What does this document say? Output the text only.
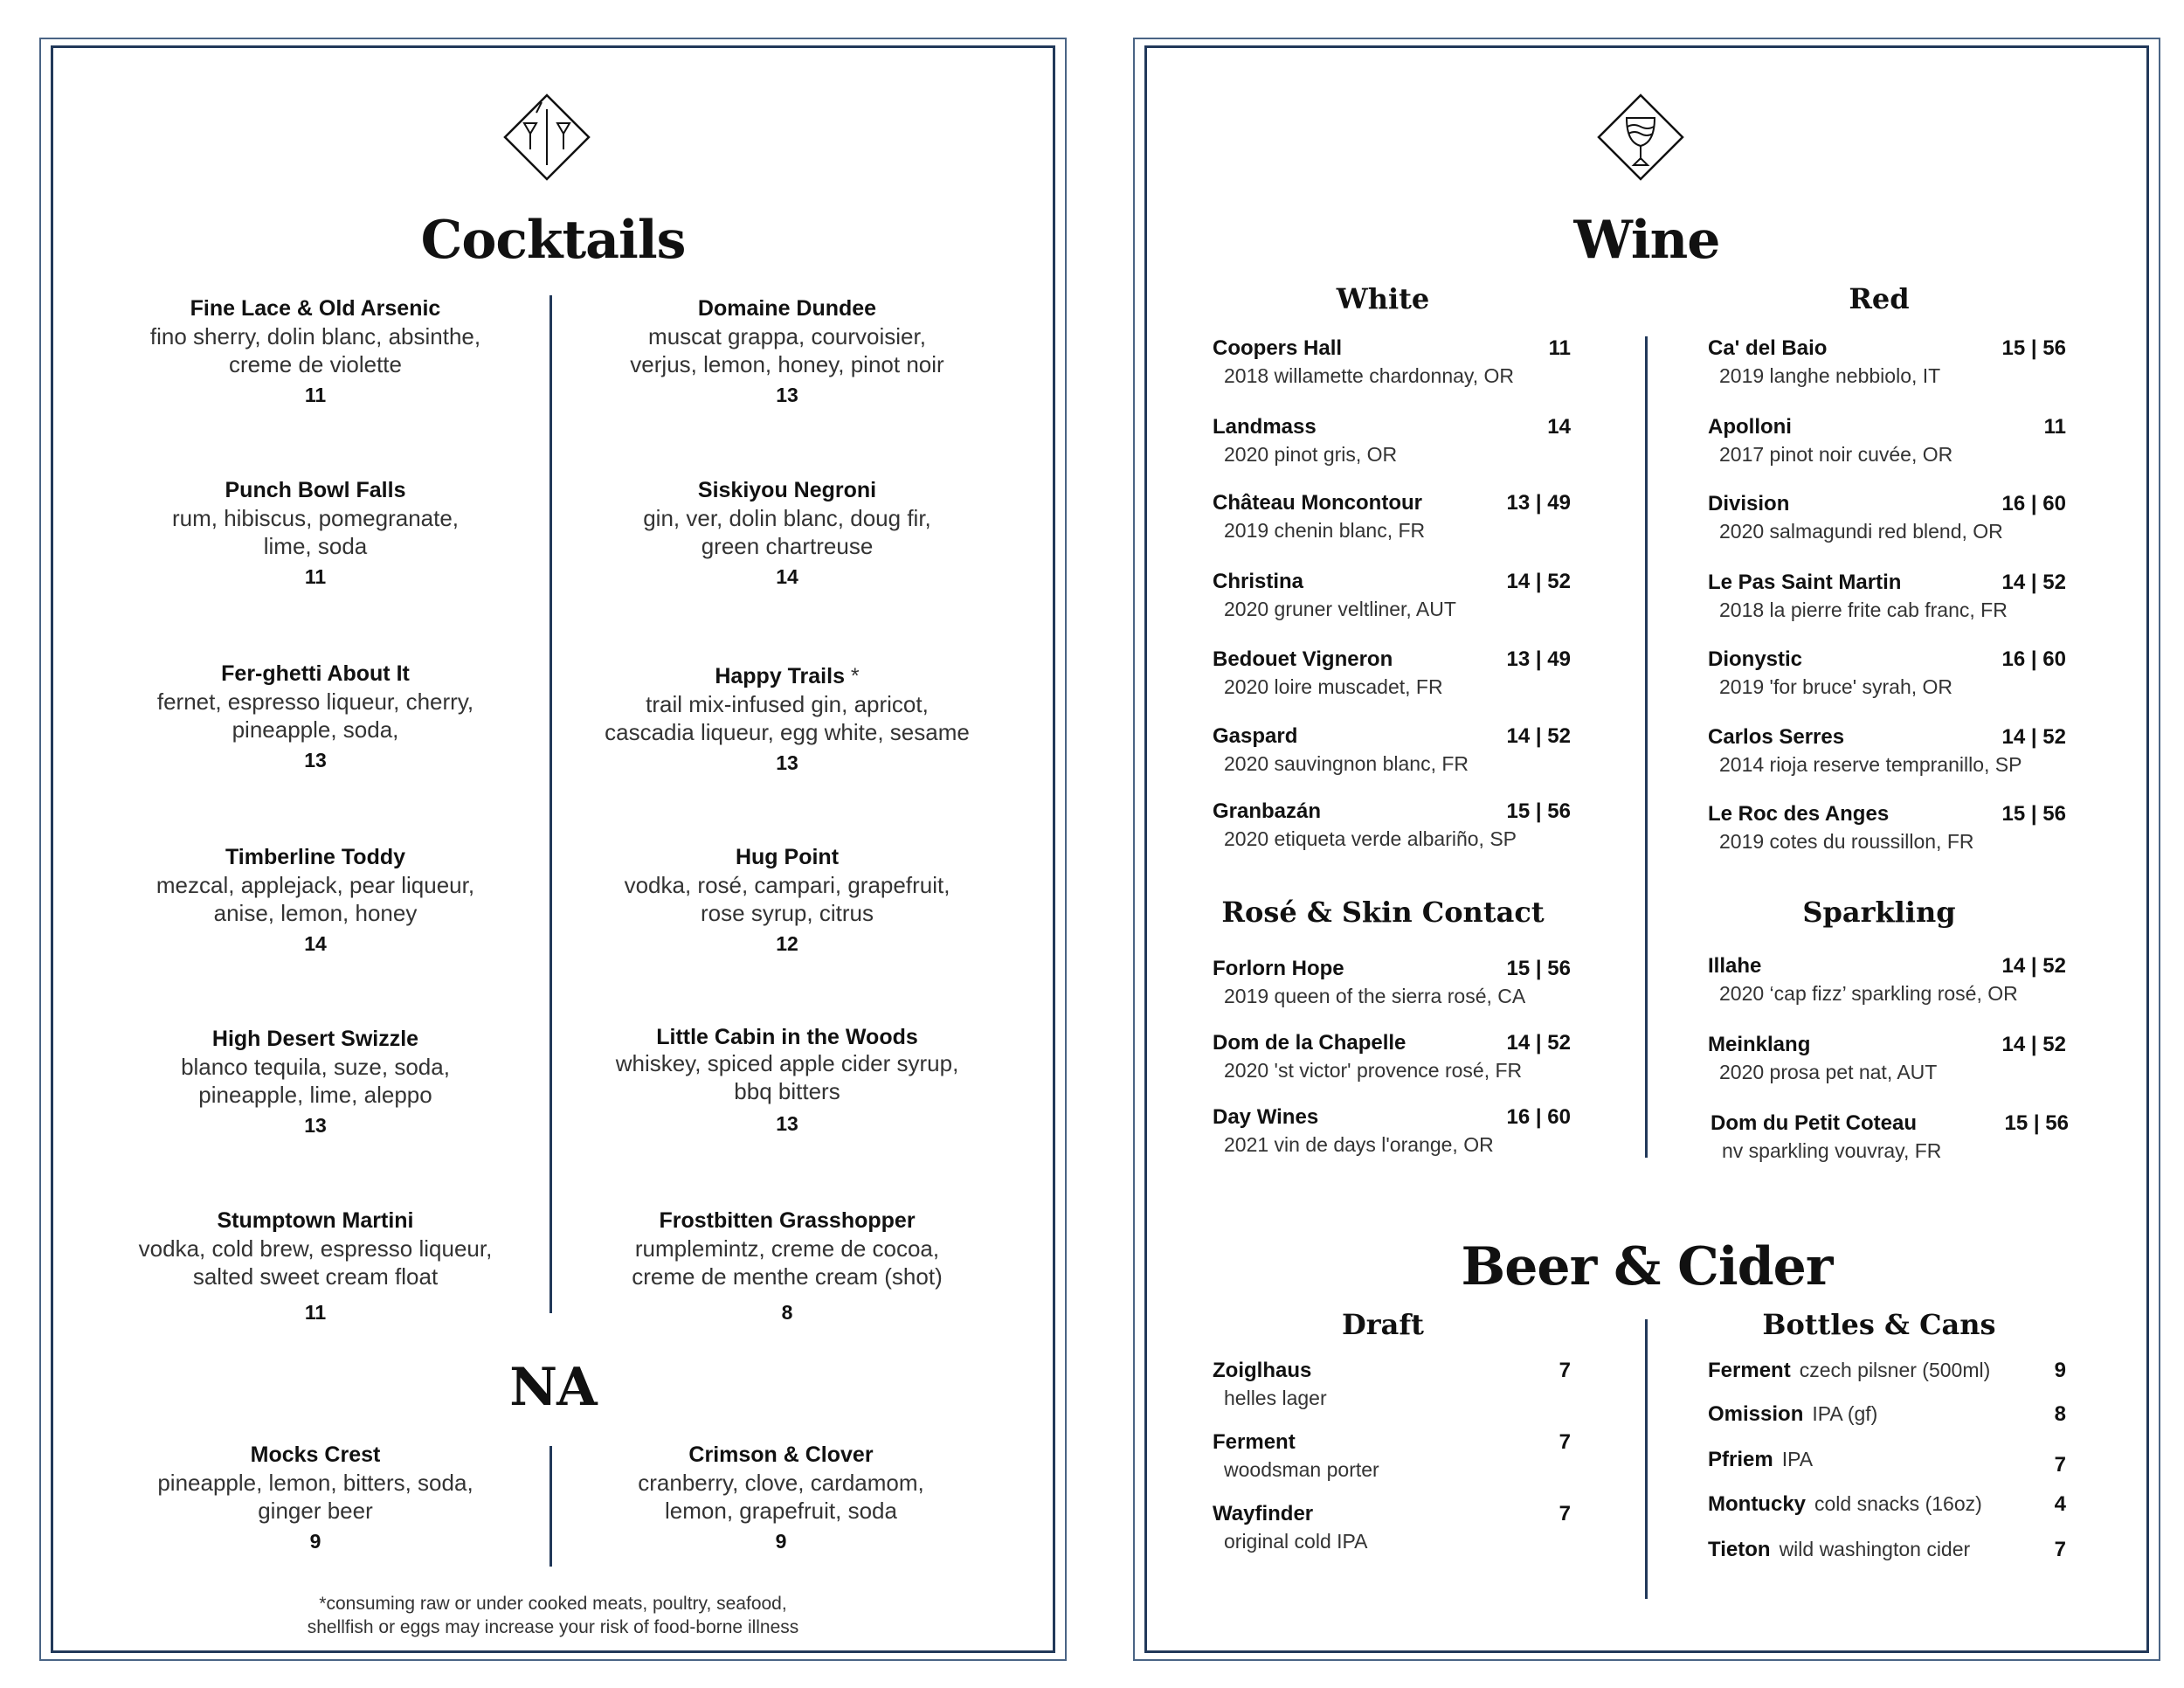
Cocktails
Fine Lace & Old Arsenic
fino sherry, dolin blanc, absinthe,
creme de violette
11
Punch Bowl Falls
rum, hibiscus, pomegranate,
lime, soda
11
Fer-ghetti About It
fernet, espresso liqueur, cherry,
pineapple, soda,
13
Timberline Toddy
mezcal, applejack, pear liqueur,
anise, lemon, honey
14
High Desert Swizzle
blanco tequila, suze, soda,
pineapple, lime, aleppo
13
Stumptown Martini
vodka, cold brew, espresso liqueur,
salted sweet cream float
11
Domaine Dundee
muscat grappa, courvoisier,
verjus, lemon, honey, pinot noir
13
Siskiyou Negroni
gin, ver, dolin blanc, doug fir,
green chartreuse
14
Happy Trails *
trail mix-infused gin, apricot,
cascadia liqueur, egg white, sesame
13
Hug Point
vodka, rosé, campari, grapefruit,
rose syrup, citrus
12
Little Cabin in the Woods
whiskey, spiced apple cider syrup,
bbq bitters
13
Frostbitten Grasshopper
rumplemintz, creme de cocoa,
creme de menthe cream (shot)
8
NA
Mocks Crest
pineapple, lemon, bitters, soda,
ginger beer
9
Crimson & Clover
cranberry, clove, cardamom,
lemon, grapefruit, soda
9
*consuming raw or under cooked meats, poultry, seafood,
shellfish or eggs may increase your risk of food-borne illness
Wine
White	Red
Coopers Hall	11
2018 willamette chardonnay, OR
Landmass	14
2020 pinot gris, OR
Château Moncontour	13 | 49
2019 chenin blanc, FR
Christina	14 | 52
2020 gruner veltliner, AUT
Bedouet Vigneron	13 | 49
2020 loire muscadet, FR
Gaspard	14 | 52
2020 sauvingnon blanc, FR
Granbazán	15 | 56
2020 etiqueta verde albariño, SP
Ca' del Baio	15 | 56
2019 langhe nebbiolo, IT
Apolloni	11
2017 pinot noir cuvée, OR
Division	16 | 60
2020 salmagundi red blend, OR
Le Pas Saint Martin	14 | 52
2018 la pierre frite cab franc, FR
Dionystic	16 | 60
2019 'for bruce' syrah, OR
Carlos Serres	14 | 52
2014 rioja reserve tempranillo, SP
Le Roc des Anges	15 | 56
2019 cotes du roussillon, FR
Rosé & Skin Contact	Sparkling
Forlorn Hope	15 | 56
2019 queen of the sierra rosé, CA
Dom de la Chapelle	14 | 52
2020 'st victor' provence rosé, FR
Day Wines	16 | 60
2021 vin de days l'orange, OR
Illahe	14 | 52
2020 ‘cap fizz’ sparkling rosé, OR
Meinklang	14 | 52
2020 prosa pet nat, AUT
Dom du Petit Coteau	15 | 56
nv sparkling vouvray, FR
Beer & Cider
Draft	Bottles & Cans
Zoiglhaus	7
helles lager
Ferment	7
woodsman porter
Wayfinder	7
original cold IPA
Ferment czech pilsner (500ml)	9
Omission IPA (gf)	8
Pfriem IPA	7
Montucky cold snacks (16oz)	4
Tieton wild washington cider	7
